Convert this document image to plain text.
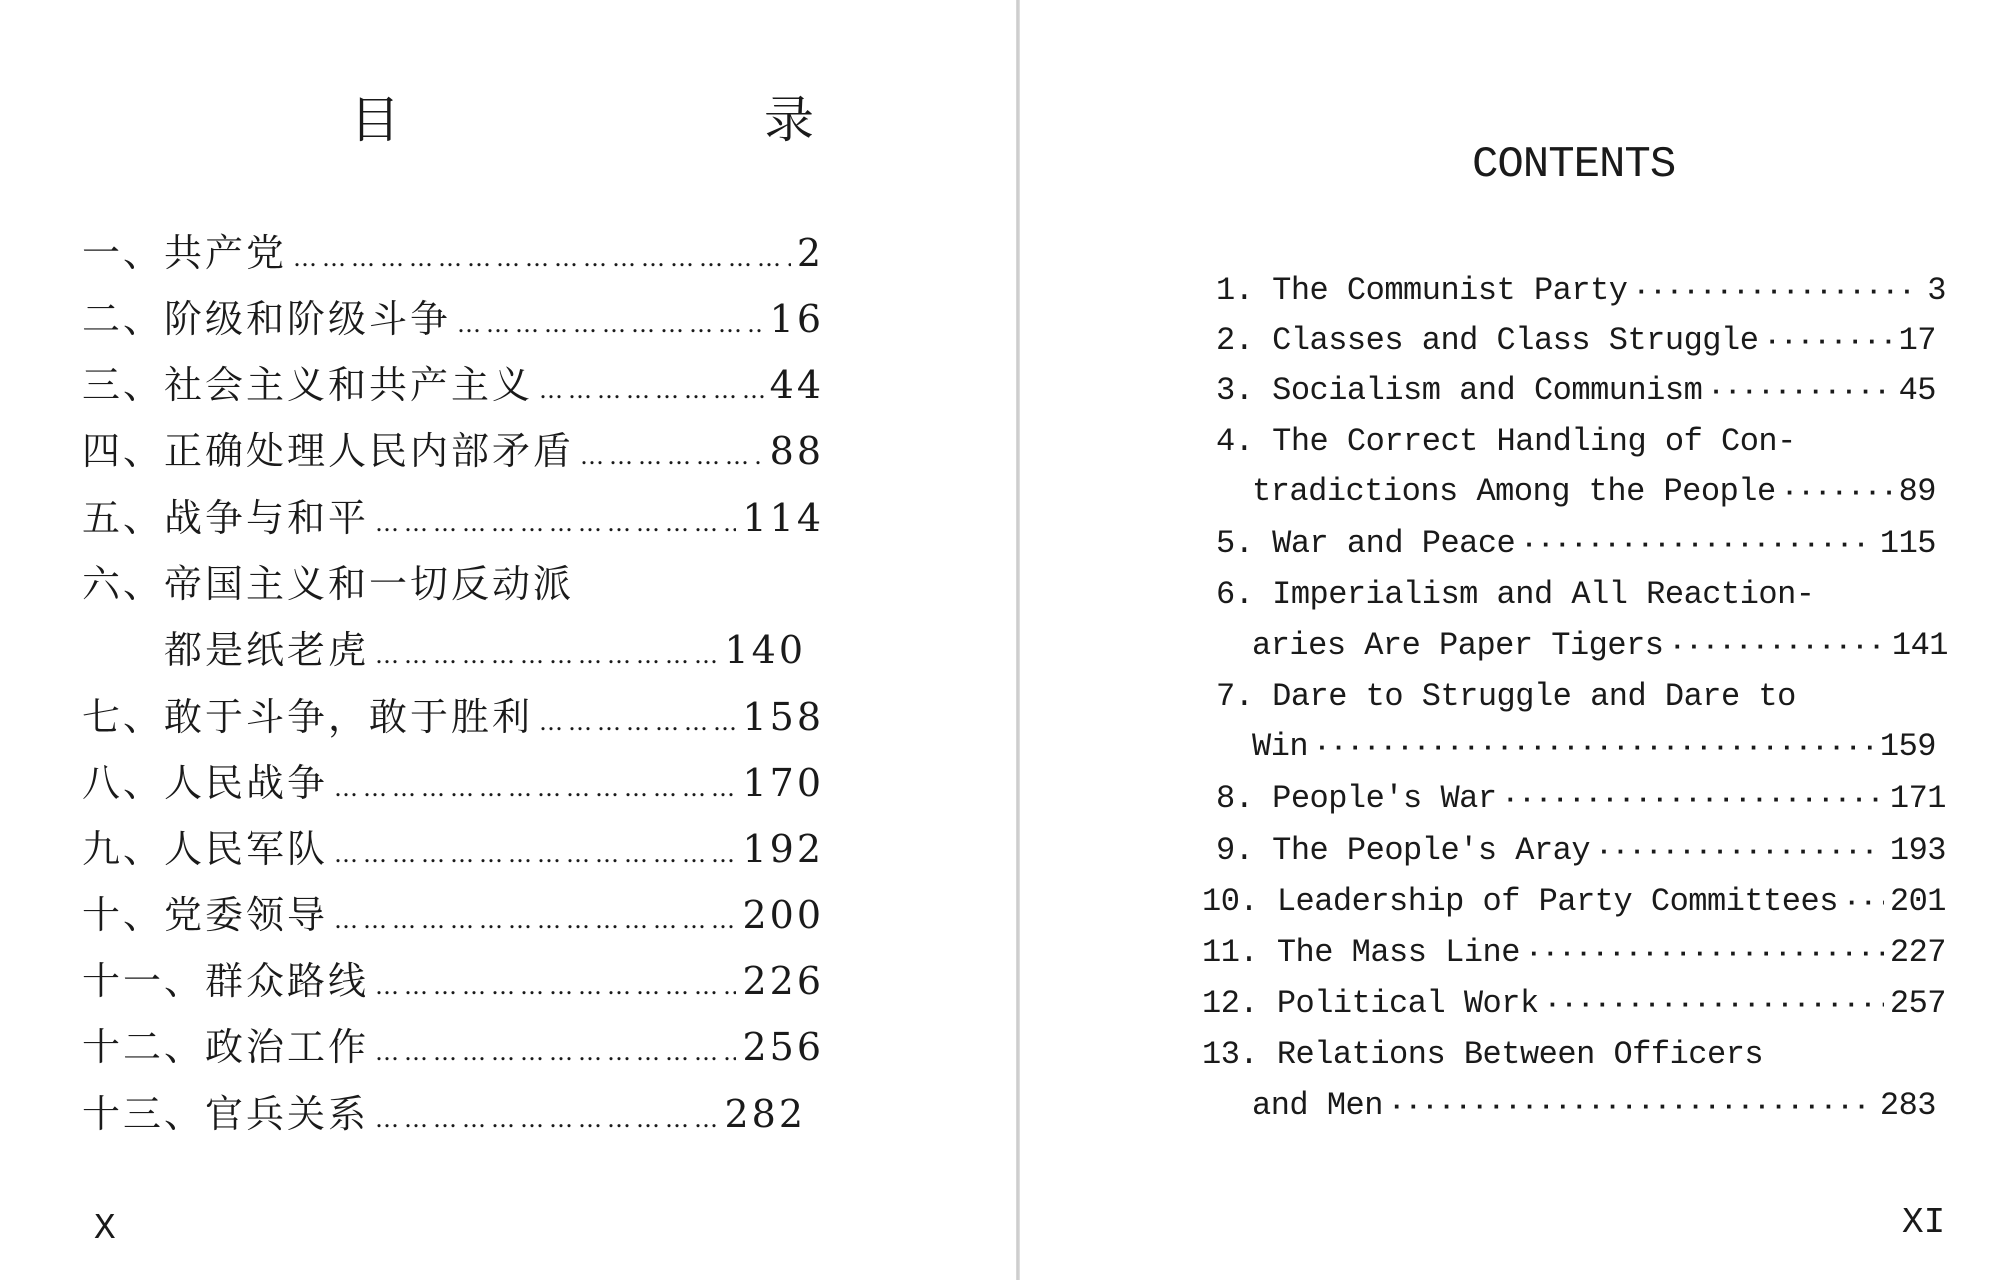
目　　录
一、共产党 …………………………………………………………………………………………………………………………	2
二、阶级和阶级斗争 …………………………………………………………………………………………………………………………	16
三、社会主义和共产主义 …………………………………………………………………………………………………………………………	44
四、正确处理人民内部矛盾 …………………………………………………………………………………………………………………………	88
五、战争与和平 …………………………………………………………………………………………………………………………	114
六、帝国主义和一切反动派
都是纸老虎 …………………………………………………………………………………………………………………………	140
七、敢于斗争，敢于胜利 …………………………………………………………………………………………………………………………	158
八、人民战争 …………………………………………………………………………………………………………………………	170
九、人民军队 …………………………………………………………………………………………………………………………	192
十、党委领导 …………………………………………………………………………………………………………………………	200
十一、群众路线 …………………………………………………………………………………………………………………………	226
十二、政治工作 …………………………………………………………………………………………………………………………	256
十三、官兵关系 …………………………………………………………………………………………………………………………	282
X
CONTENTS
1. The Communist Party ·····	3
2. Classes and Class Struggle ·····	17
3. Socialism and Communism ·····	45
4. The Correct Handling of Con-
tradictions Among the People ·····	89
5. War and Peace ·····	115
6. Imperialism and All Reaction-
aries Are Paper Tigers ·····	141
7. Dare to Struggle and Dare to
Win ·····	159
8. People's War ·····	171
9. The People's Aray ·····	193
10. Leadership of Party Committees ····· 201
11. The Mass Line ·····	227
12. Political Work ·····	257
13. Relations Between Officers
and Men ·····	283
XI
